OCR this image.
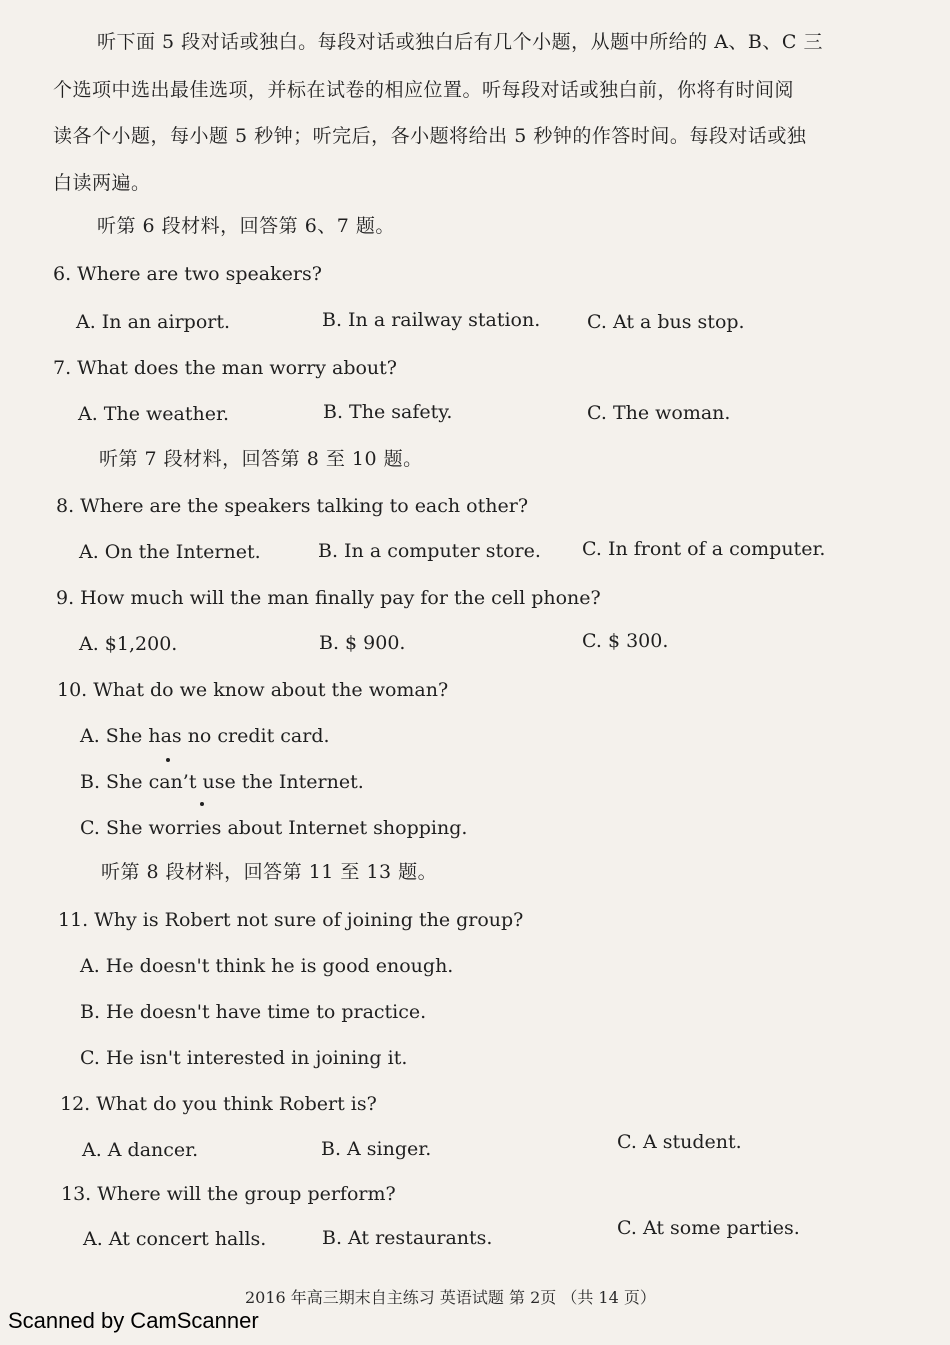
听下面 5 段对话或独白。每段对话或独白后有几个小题，从题中所给的 A、B、C 三
个选项中选出最佳选项，并标在试卷的相应位置。听每段对话或独白前，你将有时间阅
读各个小题，每小题 5 秒钟；听完后，各小题将给出 5 秒钟的作答时间。每段对话或独
白读两遍。
听第 6 段材料，回答第 6、7 题。
6. Where are two speakers?
A. In an airport.	B. In a railway station. C. At a bus stop.
7. What does the man worry about?
A. The weather.	B. The safety.	C. The woman.
听第 7 段材料，回答第 8 至 10 题。
8. Where are the speakers talking to each other?
A. On the Internet.	B. In a computer store. C. In front of a computer.
9. How much will the man finally pay for the cell phone?
A. $1,200.	B. $ 900.	C. $ 300.
10. What do we know about the woman?
A. She has no credit card.
B. She can’t use the Internet.
C. She worries about Internet shopping.
听第 8 段材料，回答第 11 至 13 题。
11. Why is Robert not sure of joining the group?
A. He doesn't think he is good enough.
B. He doesn't have time to practice.
C. He isn't interested in joining it.
12. What do you think Robert is?
A. A dancer.	B. A singer.	C. A student.
13. Where will the group perform?
A. At concert halls.	B. At restaurants.	C. At some parties.
2016 年高三期末自主练习 英语试题 第 2页 （共 14 页）
Scanned by CamScanner
